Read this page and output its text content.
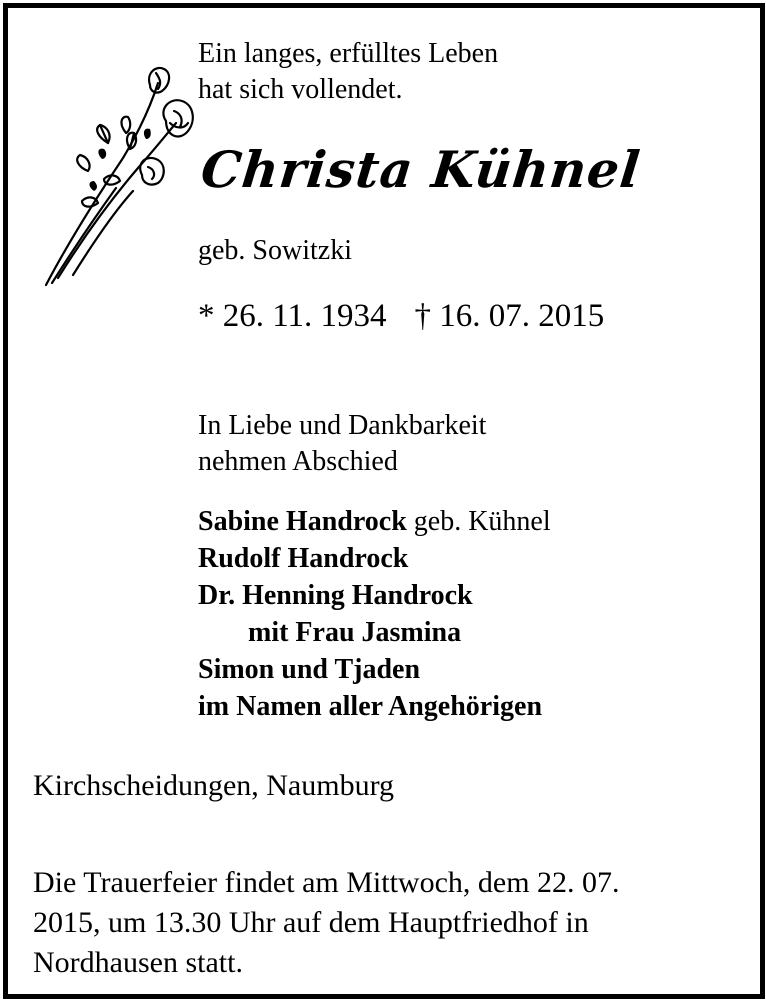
Ein langes, erfülltes Leben
hat sich vollendet.
Christa Kühnel
geb. Sowitzki
* 26. 11. 1934 † 16. 07. 2015
In Liebe und Dankbarkeit
nehmen Abschied
Sabine Handrock geb. Kühnel
Rudolf Handrock
Dr. Henning Handrock
mit Frau Jasmina
Simon und Tjaden
im Namen aller Angehörigen
Kirchscheidungen, Naumburg
Die Trauerfeier findet am Mittwoch, dem 22. 07.
2015, um 13.30 Uhr auf dem Hauptfriedhof in
Nordhausen statt.
